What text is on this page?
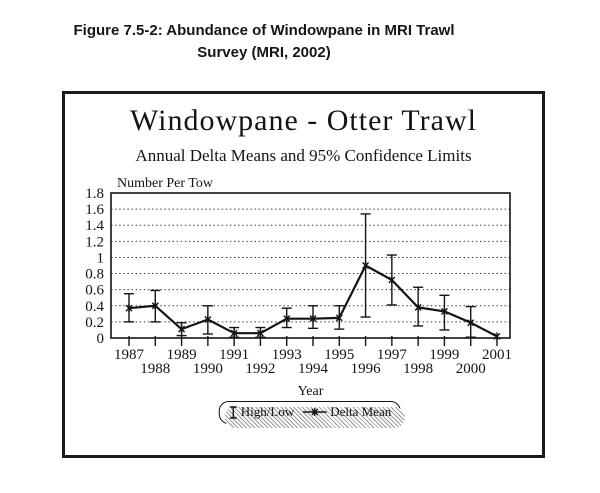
Figure 7.5-2: Abundance of Windowpane in MRI Trawl
Survey (MRI, 2002)
Windowpane - Otter Trawl
Annual Delta Means and 95% Confidence Limits
0
0.2
0.4
0.6
0.8
1
1.2
1.4
1.6
1.8
1987
1988
1989
1990
1991
1992
1993
1994
1995
1996
1997
1998
1999
2000
2001
Number Per Tow
Year
High/Low	Delta Mean
